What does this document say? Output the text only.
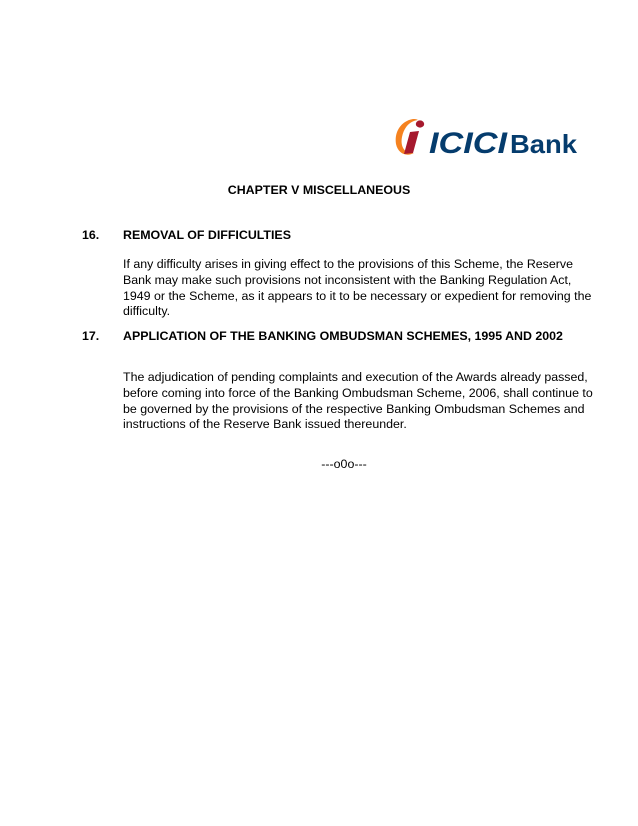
ICICI Bank
CHAPTER V MISCELLANEOUS
16. REMOVAL OF DIFFICULTIES
If any difficulty arises in giving effect to the provisions of this Scheme, the Reserve Bank may make such provisions not inconsistent with the Banking Regulation Act, 1949 or the Scheme, as it appears to it to be necessary or expedient for removing the difficulty.
17. APPLICATION OF THE BANKING OMBUDSMAN SCHEMES, 1995 AND 2002
The adjudication of pending complaints and execution of the Awards already passed, before coming into force of the Banking Ombudsman Scheme, 2006, shall continue to be governed by the provisions of the respective Banking Ombudsman Schemes and instructions of the Reserve Bank issued thereunder.
---o0o---
